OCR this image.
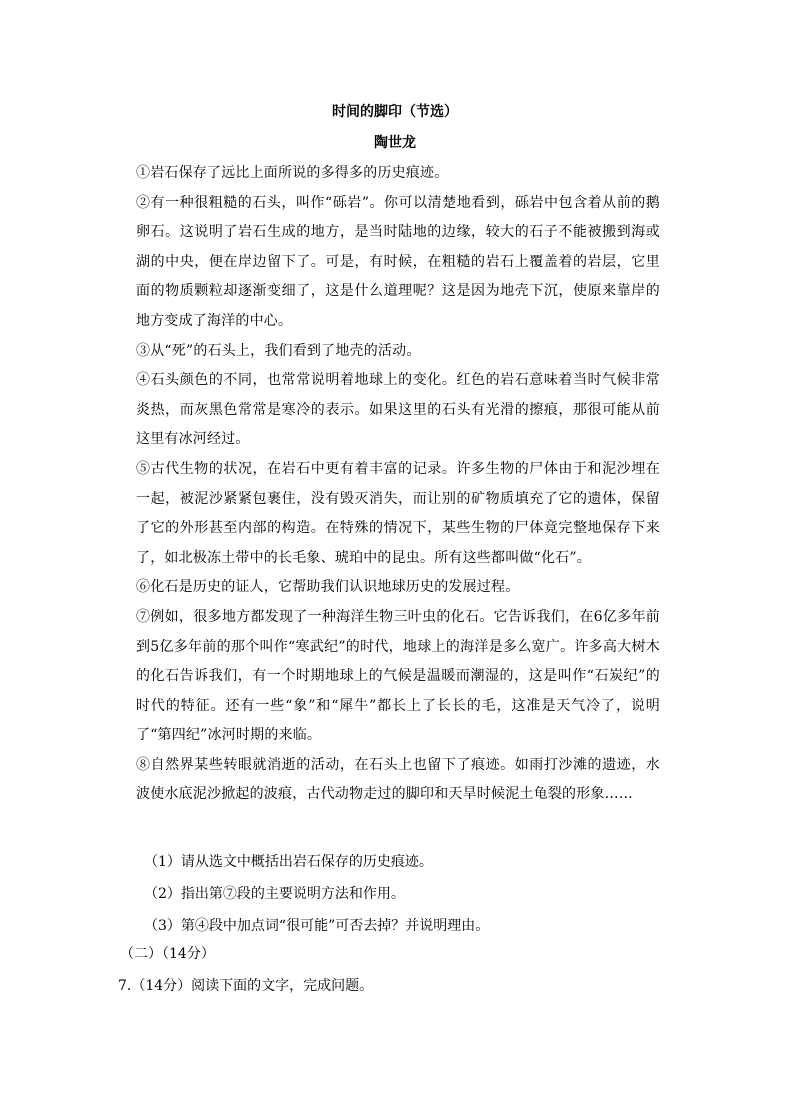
时间的脚印（节选）
陶世龙

①岩石保存了远比上面所说的多得多的历史痕迹。

②有一种很粗糙的石头，叫作“砾岩”。你可以清楚地看到，砾岩中包含着从前的鹅卵石。这说明了岩石生成的地方，是当时陆地的边缘，较大的石子不能被搬到海或湖的中央，便在岸边留下了。可是，有时候，在粗糙的岩石上覆盖着的岩层，它里面的物质颗粒却逐渐变细了，这是什么道理呢？这是因为地壳下沉，使原来靠岸的地方变成了海洋的中心。

③从“死”的石头上，我们看到了地壳的活动。

④石头颜色的不同，也常常说明着地球上的变化。红色的岩石意味着当时气候非常炎热，而灰黑色常常是寒冷的表示。如果这里的石头有光滑的擦痕，那很可能从前这里有冰河经过。

⑤古代生物的状况，在岩石中更有着丰富的记录。许多生物的尸体由于和泥沙埋在一起，被泥沙紧紧包裹住，没有毁灭消失，而让别的矿物质填充了它的遗体，保留了它的外形甚至内部的构造。在特殊的情况下，某些生物的尸体竟完整地保存下来了，如北极冻土带中的长毛象、琥珀中的昆虫。所有这些都叫做“化石”。

⑥化石是历史的证人，它帮助我们认识地球历史的发展过程。

⑦例如，很多地方都发现了一种海洋生物三叶虫的化石。它告诉我们，在6亿多年前到5亿多年前的那个叫作“寒武纪”的时代，地球上的海洋是多么宽广。许多高大树木的化石告诉我们，有一个时期地球上的气候是温暖而潮湿的，这是叫作“石炭纪”的时代的特征。还有一些“象”和“犀牛”都长上了长长的毛，这准是天气冷了，说明了“第四纪”冰河时期的来临。

⑧自然界某些转眼就消逝的活动，在石头上也留下了痕迹。如雨打沙滩的遗迹，水波使水底泥沙掀起的波痕，古代动物走过的脚印和天旱时候泥土龟裂的形象……

（1）请从选文中概括出岩石保存的历史痕迹。

（2）指出第⑦段的主要说明方法和作用。

（3）第④段中加点词“很可能”可否去掉？并说明理由。

（二）（14分）
7.（14分）阅读下面的文字，完成问题。
